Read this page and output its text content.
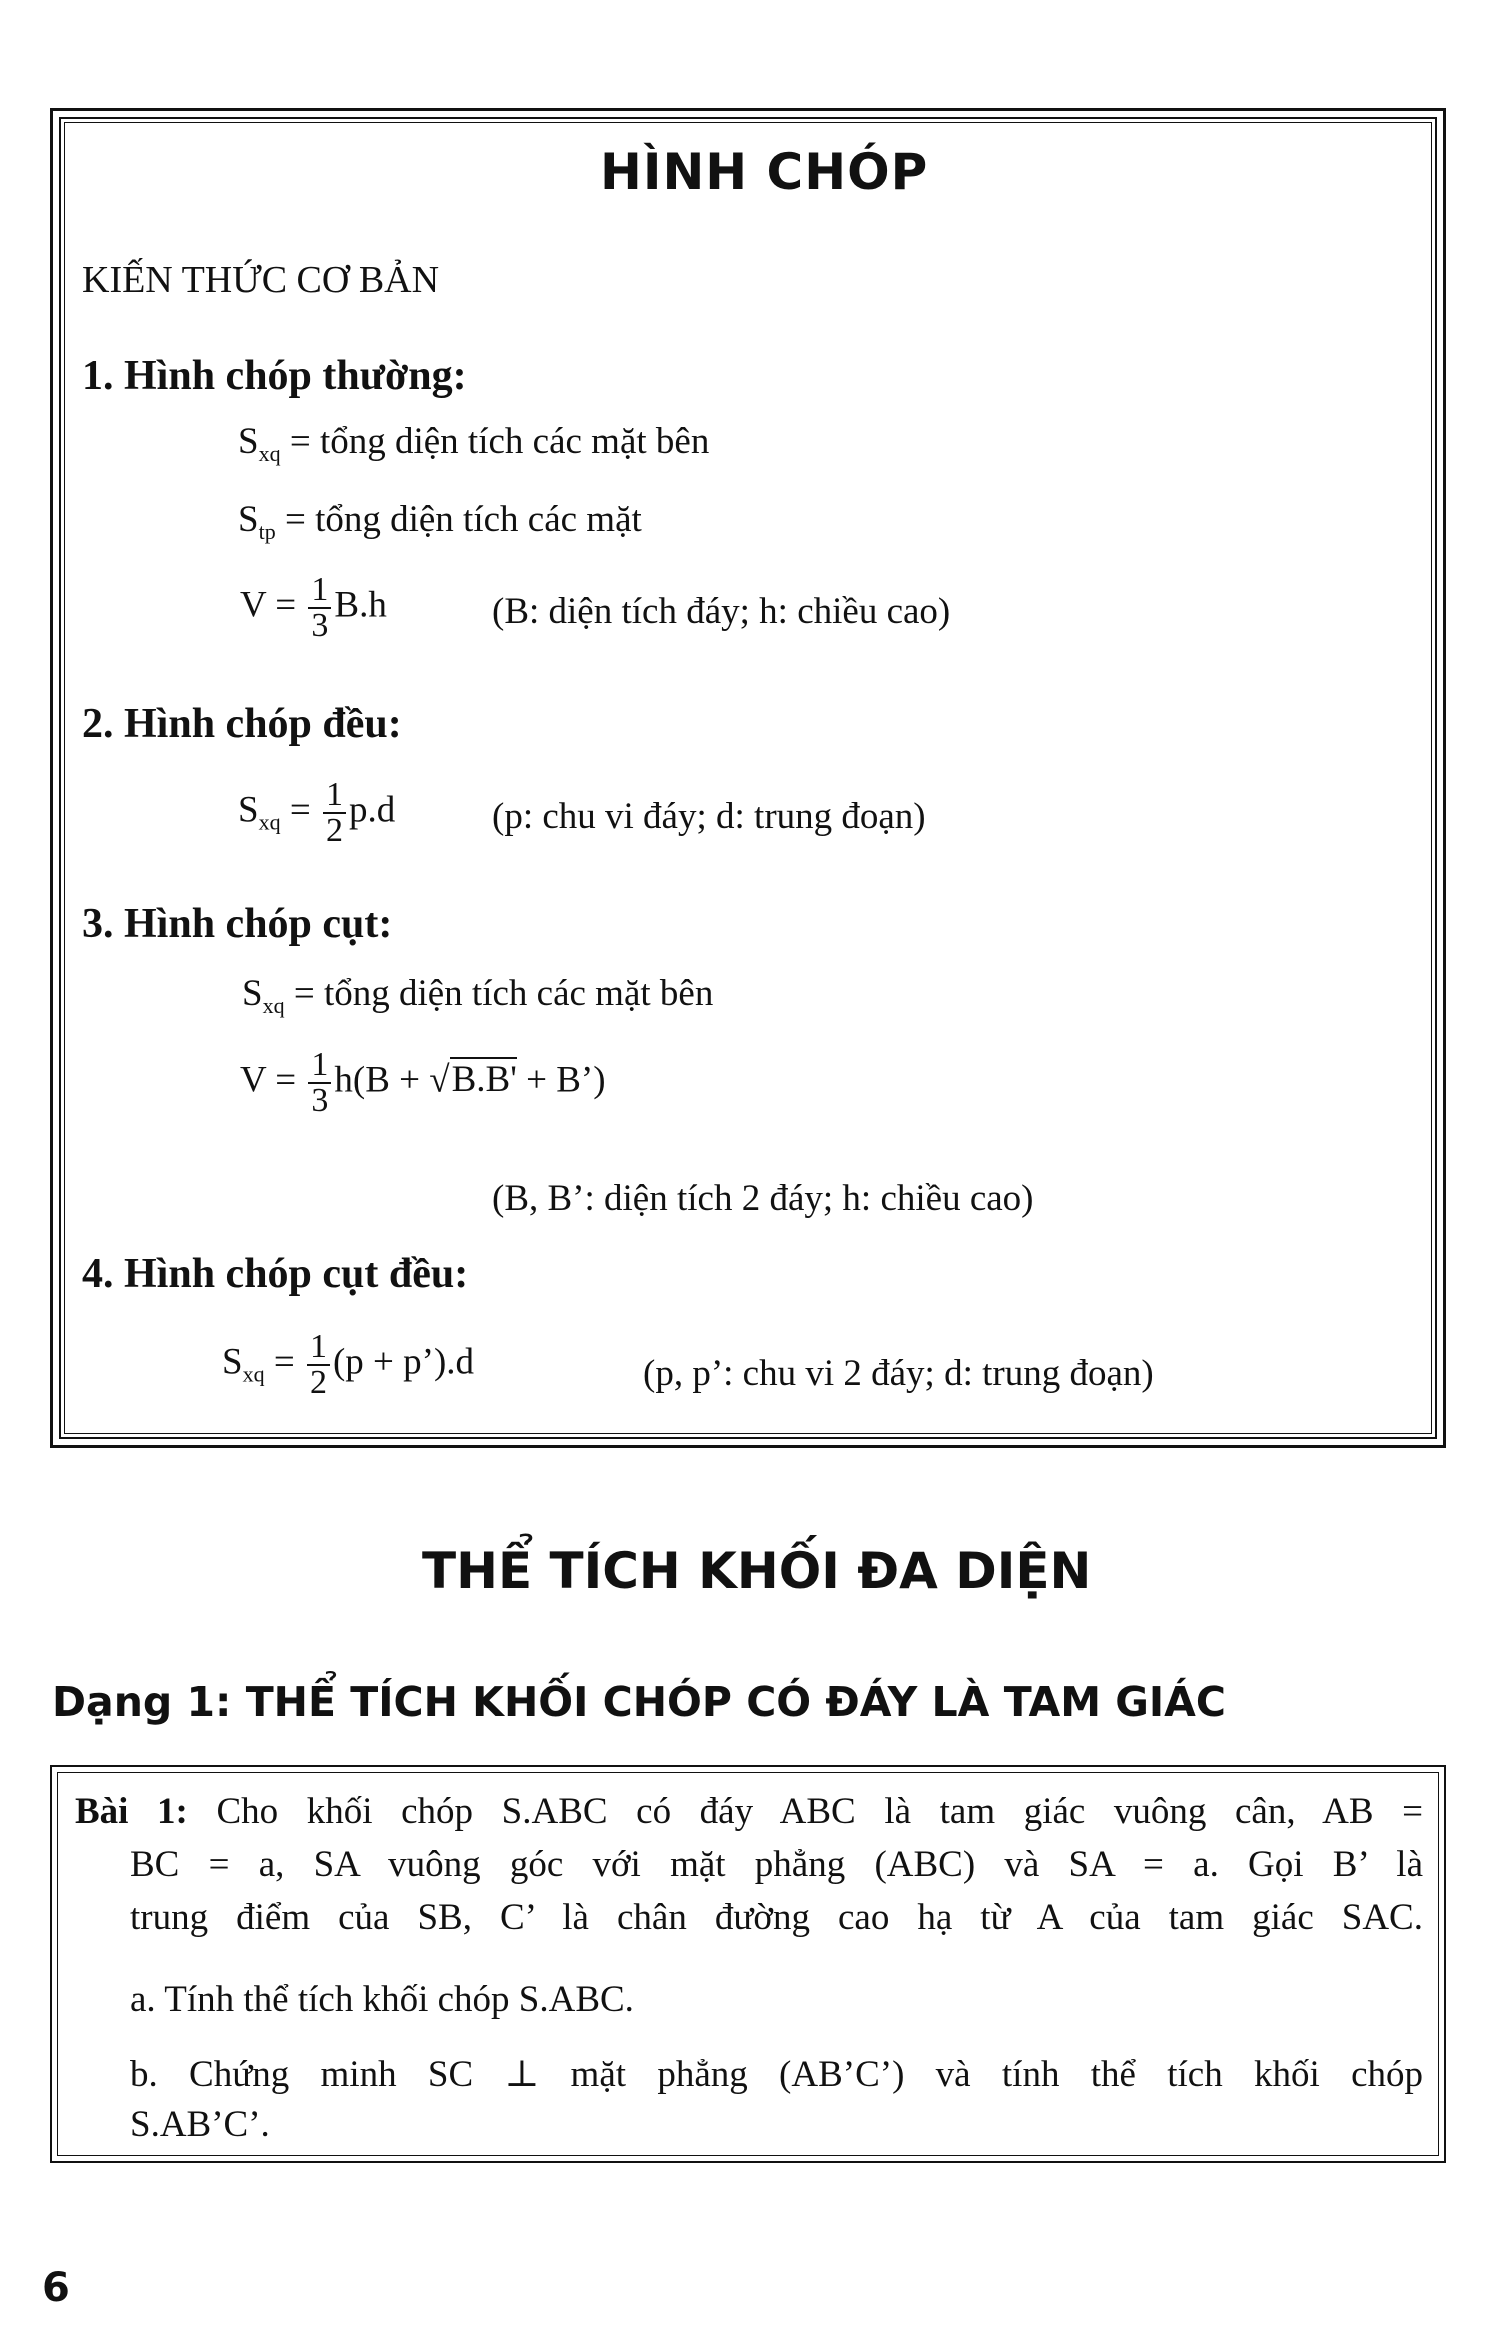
HÌNH CHÓP
KIẾN THỨC CƠ BẢN
1. Hình chóp thường:
$S_{xq}$ = tổng diện tích các mặt bên
$S_{tp}$ = tổng diện tích các mặt
$V = \frac{1}{3} B.h$	(B: diện tích đáy; h: chiều cao)
2. Hình chóp đều:
$S_{xq} = \frac{1}{2} p.d$	(p: chu vi đáy; d: trung đoạn)
3. Hình chóp cụt:
$S_{xq}$ = tổng diện tích các mặt bên
$V = \frac{1}{3} h(B + √B.B'$ + B’)
(B, B’: diện tích 2 đáy; h: chiều cao)
4. Hình chóp cụt đều:
$S_{xq} = \frac{1}{2} (p$ + p’).d	(p, p’: chu vi 2 đáy; d: trung đoạn)
THỂ TÍCH KHỐI ĐA DIỆN
Dạng 1: THỂ TÍCH KHỐI CHÓP CÓ ĐÁY LÀ TAM GIÁC
Bài 1: Cho khối chóp S.ABC có đáy ABC là tam giác vuông cân, AB =
BC = a, SA vuông góc với mặt phẳng (ABC) và SA = a. Gọi B’ là
trung điểm của SB, C’ là chân đường cao hạ từ A của tam giác SAC.
a. Tính thể tích khối chóp S.ABC.
b. Chứng minh SC ⊥ mặt phẳng (AB’C’) và tính thể tích khối chóp
S.AB’C’.
6
